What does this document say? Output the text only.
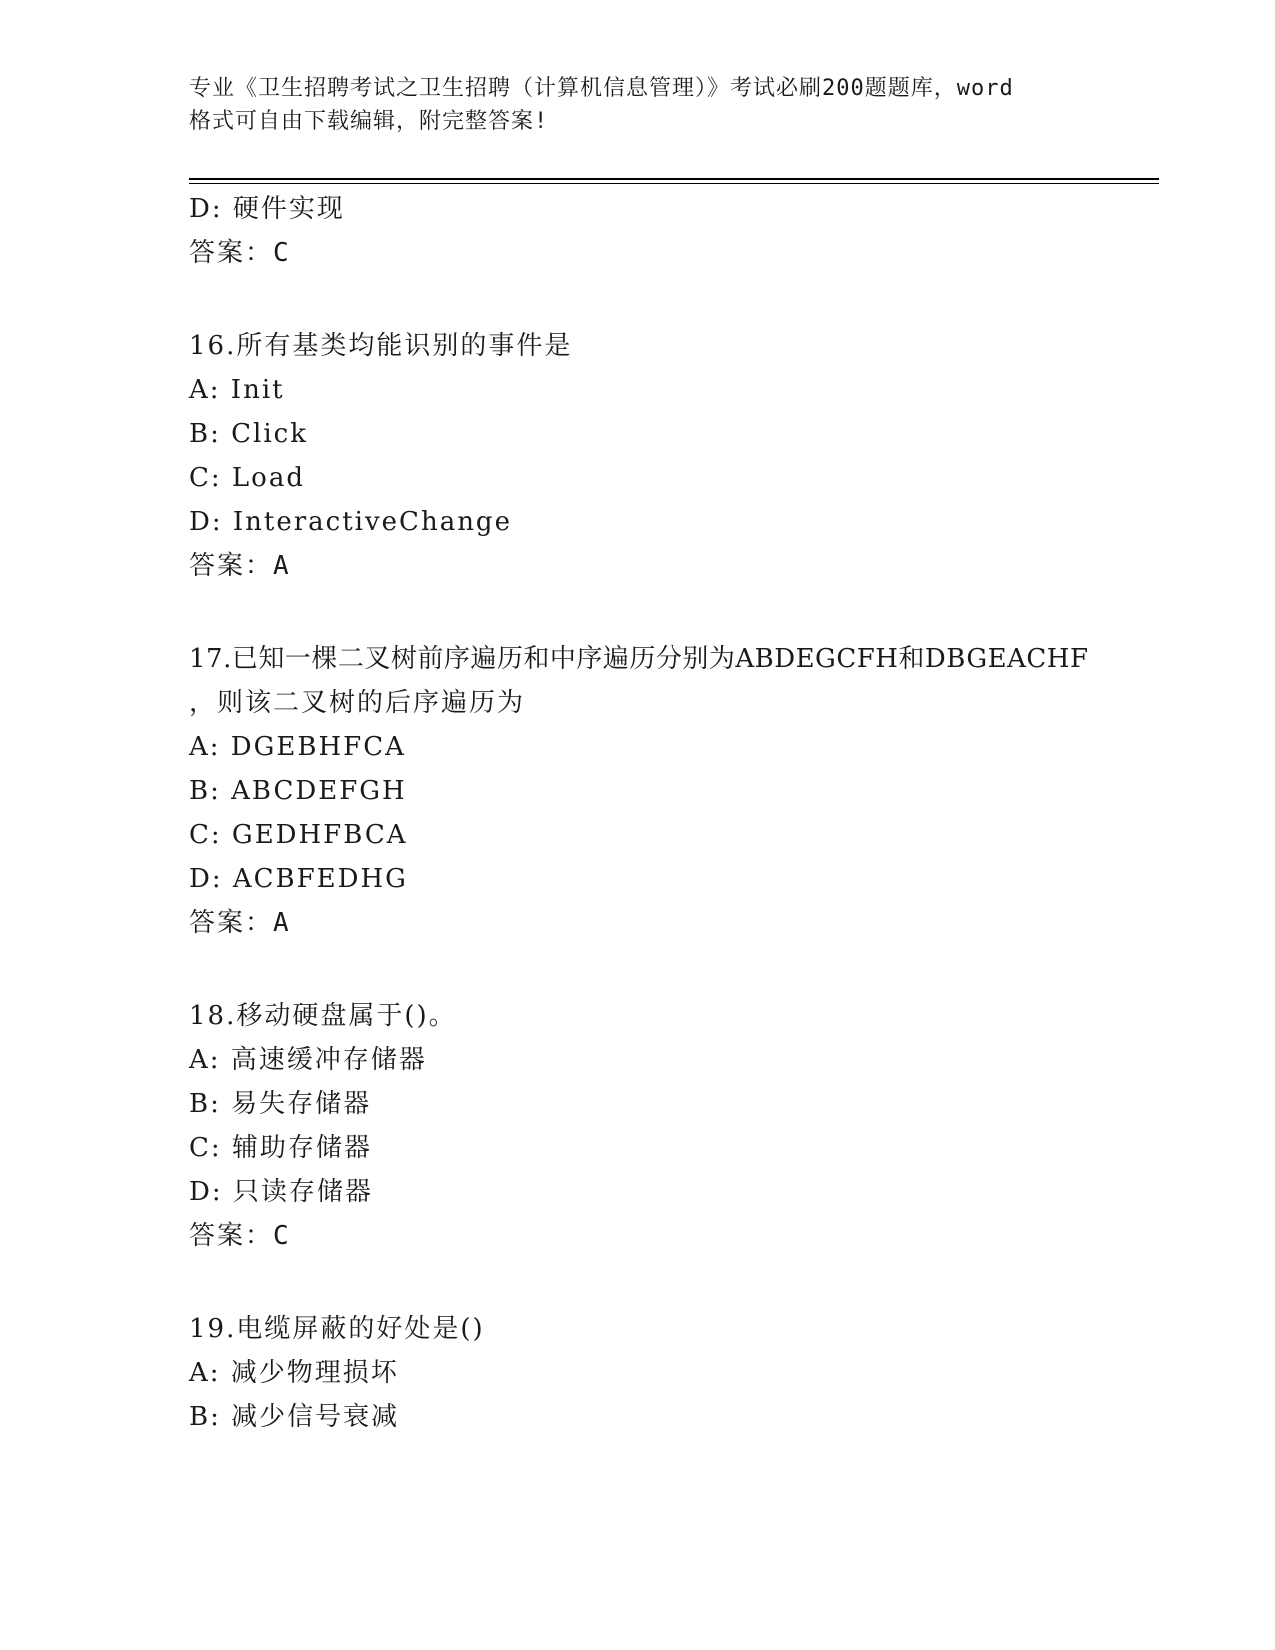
专业《卫生招聘考试之卫生招聘（计算机信息管理）》考试必刷200题题库，word
格式可自由下载编辑，附完整答案!
D: 硬件实现
答案：C
16.所有基类均能识别的事件是
A: Init
B: Click
C: Load
D: InteractiveChange
答案：A
17.已知一棵二叉树前序遍历和中序遍历分别为ABDEGCFH和DBGEACHF
，则该二叉树的后序遍历为
A: DGEBHFCA
B: ABCDEFGH
C: GEDHFBCA
D: ACBFEDHG
答案：A
18.移动硬盘属于()。
A: 高速缓冲存储器
B: 易失存储器
C: 辅助存储器
D: 只读存储器
答案：C
19.电缆屏蔽的好处是()
A: 减少物理损坏
B: 减少信号衰减
